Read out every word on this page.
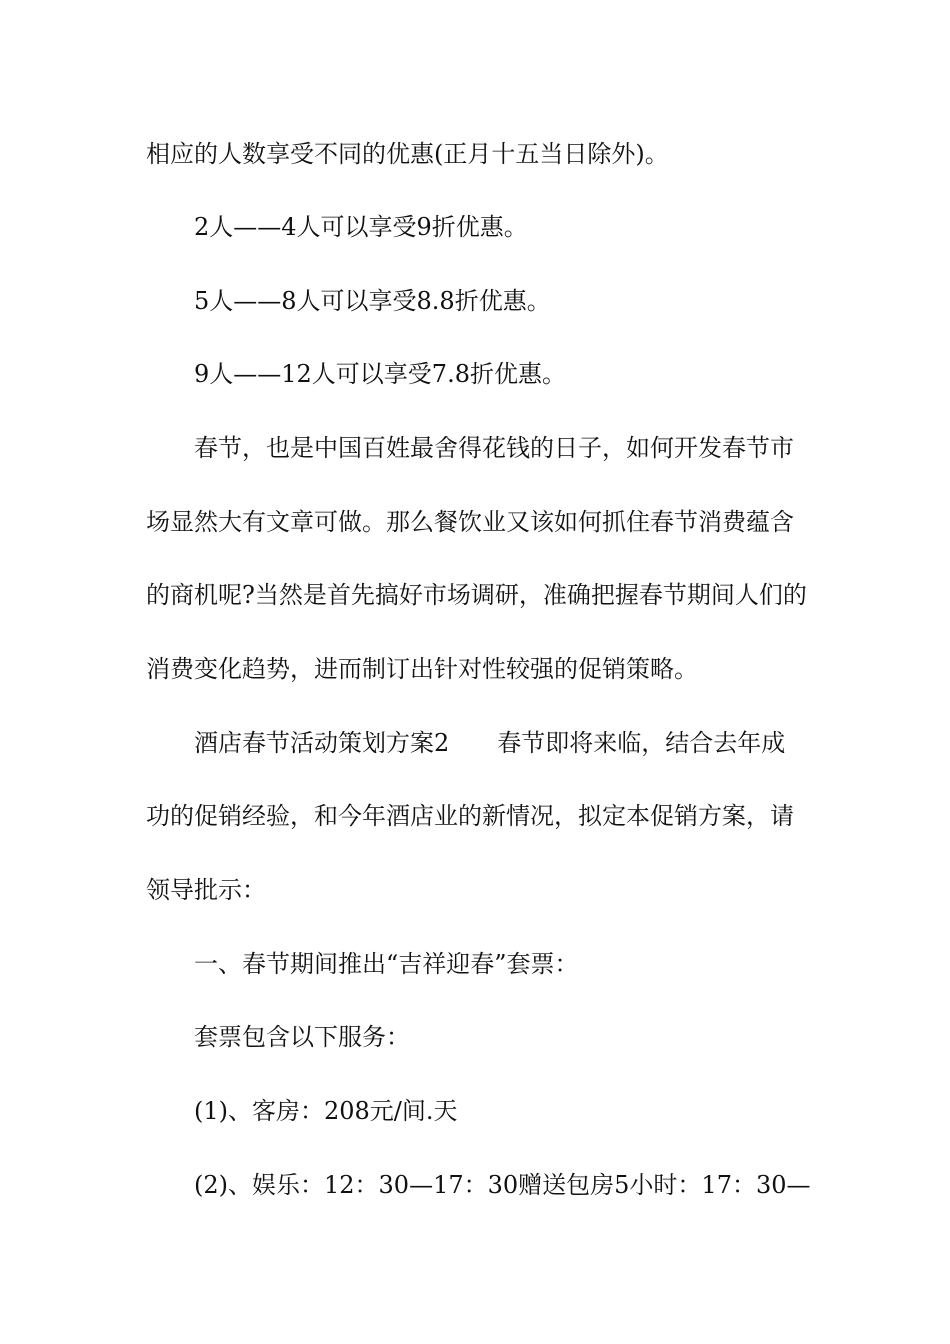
相应的人数享受不同的优惠(正月十五当日除外)。

2人——4人可以享受9折优惠。

5人——8人可以享受8.8折优惠。

9人——12人可以享受7.8折优惠。

春节，也是中国百姓最舍得花钱的日子，如何开发春节市

场显然大有文章可做。那么餐饮业又该如何抓住春节消费蕴含

的商机呢?当然是首先搞好市场调研，准确把握春节期间人们的

消费变化趋势，进而制订出针对性较强的促销策略。

酒店春节活动策划方案2　　春节即将来临，结合去年成

功的促销经验，和今年酒店业的新情况，拟定本促销方案，请

领导批示：

一、春节期间推出“吉祥迎春”套票：

套票包含以下服务：

(1)、客房：208元/间.天

(2)、娱乐：12：30—17：30赠送包房5小时：17：30—
